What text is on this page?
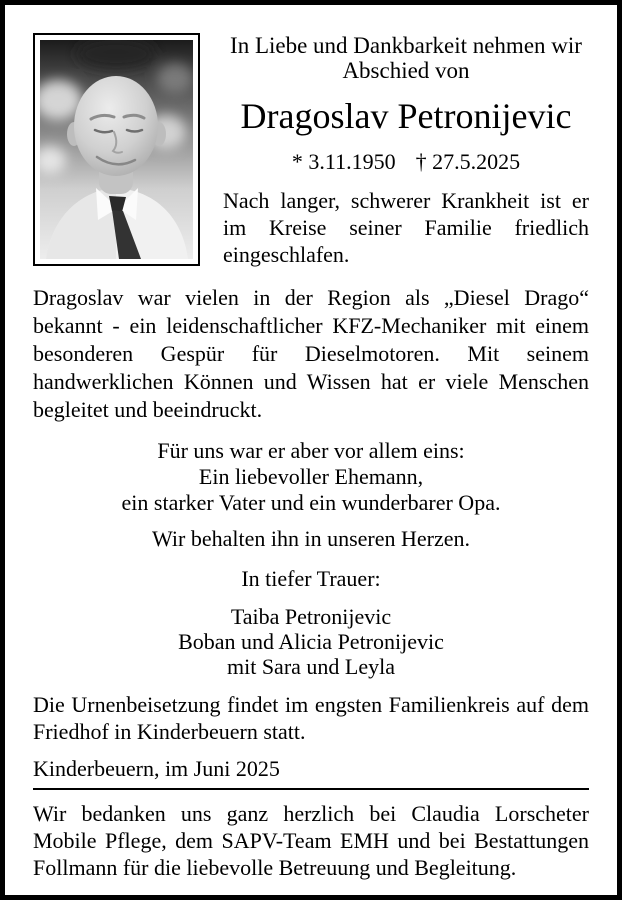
In Liebe und Dankbarkeit nehmen wir
Abschied von

Dragoslav Petronijevic

* 3.11.1950 † 27.5.2025

Nach langer, schwerer Krankheit ist er im Kreise seiner Familie friedlich eingeschlafen.

Dragoslav war vielen in der Region als „Diesel Drago“ bekannt - ein leidenschaftlicher KFZ-Mechaniker mit einem besonderen Gespür für Dieselmotoren. Mit seinem handwerklichen Können und Wissen hat er viele Menschen begleitet und beeindruckt.

Für uns war er aber vor allem eins:

Ein liebevoller Ehemann,

ein starker Vater und ein wunderbarer Opa.

Wir behalten ihn in unseren Herzen.

In tiefer Trauer:

Taiba Petronijevic

Boban und Alicia Petronijevic

mit Sara und Leyla

Die Urnenbeisetzung findet im engsten Familienkreis auf dem Friedhof in Kinderbeuern statt.

Kinderbeuern, im Juni 2025

Wir bedanken uns ganz herzlich bei Claudia Lorscheter Mobile Pflege, dem SAPV-Team EMH und bei Bestattungen Follmann für die liebevolle Betreuung und Begleitung.
